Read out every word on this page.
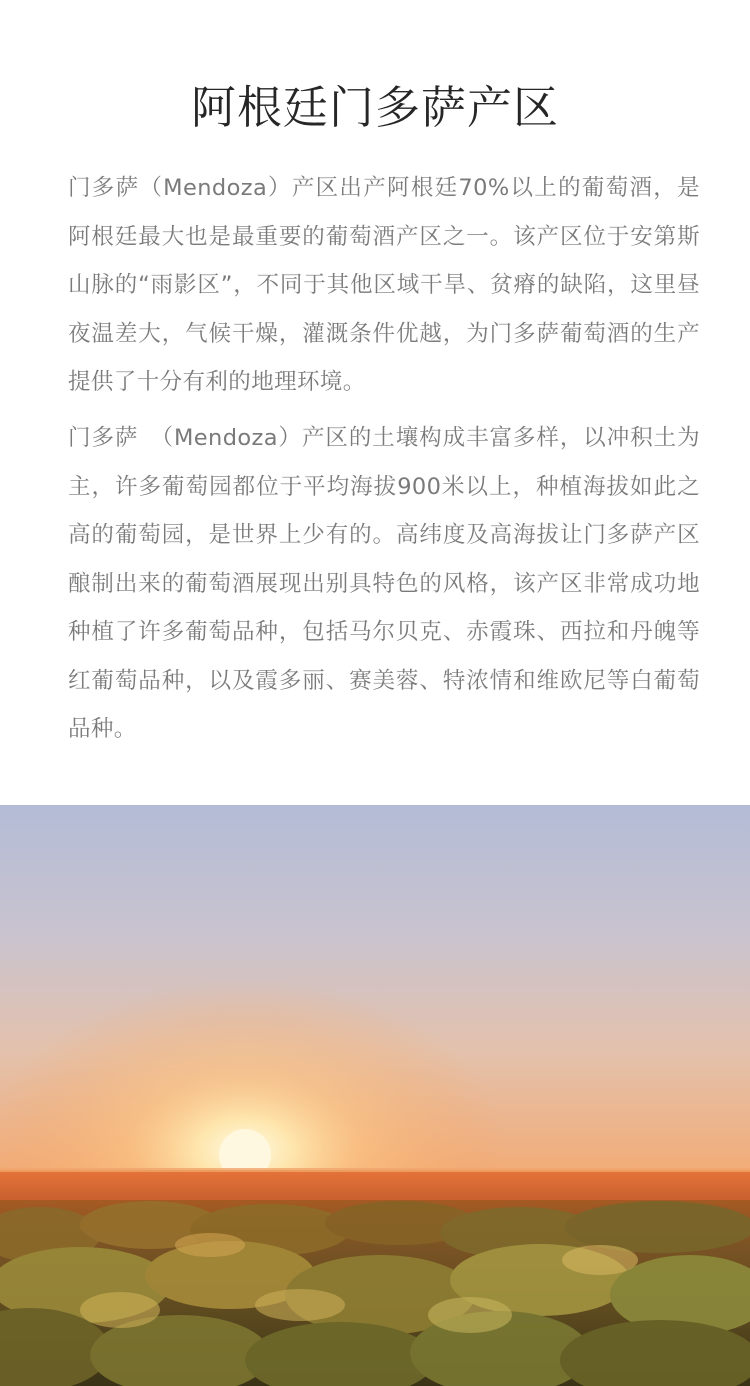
阿根廷门多萨产区

门多萨（Mendoza）产区出产阿根廷70%以上的葡萄酒，是阿根廷最大也是最重要的葡萄酒产区之一。该产区位于安第斯山脉的“雨影区”，不同于其他区域干旱、贫瘠的缺陷，这里昼夜温差大，气候干燥，灌溉条件优越，为门多萨葡萄酒的生产提供了十分有利的地理环境。

门多萨　（Mendoza）产区的土壤构成丰富多样，以冲积土为主，许多葡萄园都位于平均海拔900米以上，种植海拔如此之高的葡萄园，是世界上少有的。高纬度及高海拔让门多萨产区酿制出来的葡萄酒展现出别具特色的风格，该产区非常成功地种植了许多葡萄品种，包括马尔贝克、赤霞珠、西拉和丹魄等红葡萄品种，以及霞多丽、赛美蓉、特浓情和维欧尼等白葡萄品种。
